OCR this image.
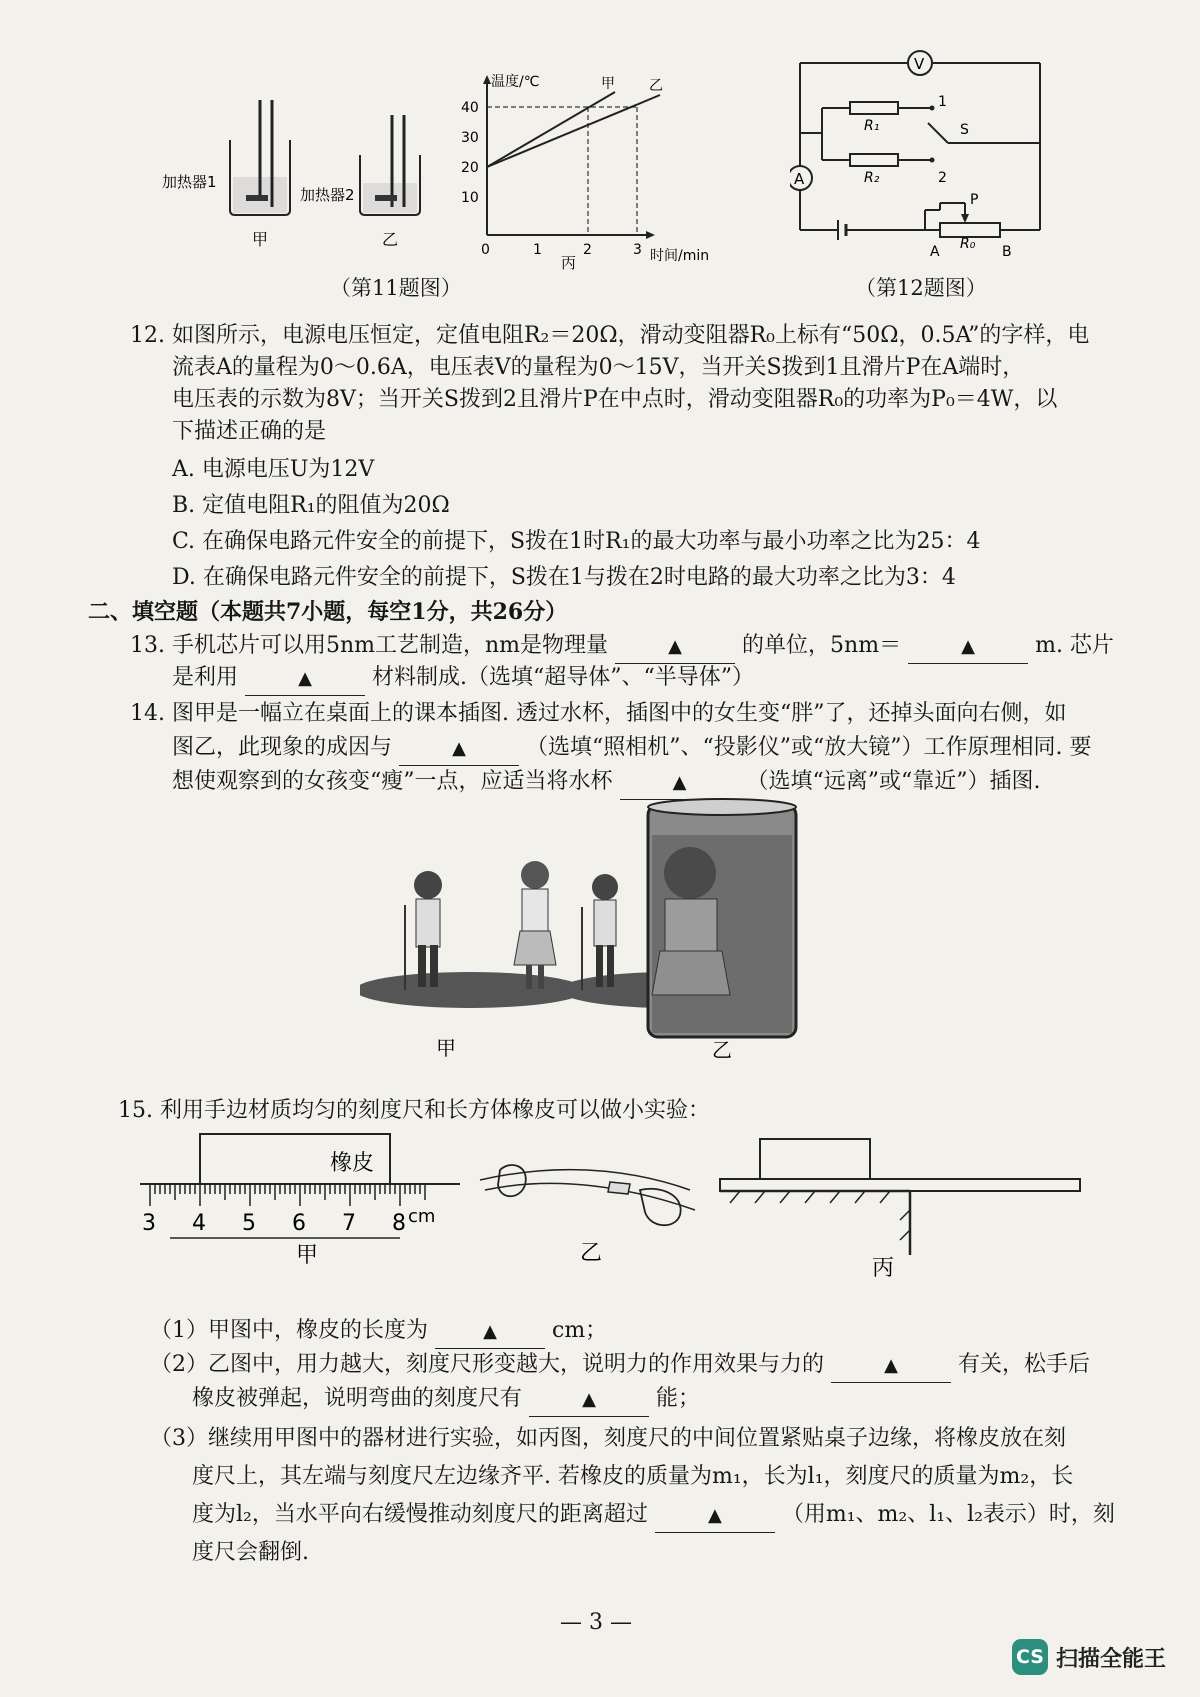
加热器1
甲
加热器2
乙
温度/℃
时间/min
40
30
20
10
0	1	2	3
甲 乙
丙
（第11题图）
V
A
P
A R₀ B
1
R₁
2
R₂
S
（第12题图）
12. 如图所示，电源电压恒定，定值电阻R₂＝20Ω，滑动变阻器R₀上标有“50Ω，0.5A”的字样，电
流表A的量程为0～0.6A，电压表V的量程为0～15V，当开关S拨到1且滑片P在A端时，
电压表的示数为8V；当开关S拨到2且滑片P在中点时，滑动变阻器R₀的功率为P₀＝4W，以
下描述正确的是
A. 电源电压U为12V
B. 定值电阻R₁的阻值为20Ω
C. 在确保电路元件安全的前提下，S拨在1时R₁的最大功率与最小功率之比为25：4
D. 在确保电路元件安全的前提下，S拨在1与拨在2时电路的最大功率之比为3：4
二、填空题（本题共7小题，每空1分，共26分）
13. 手机芯片可以用5nm工艺制造，nm是物理量	▲	的单位，5nm＝	▲	m. 芯片
是利用	▲	材料制成.（选填“超导体”、“半导体”）
14. 图甲是一幅立在桌面上的课本插图. 透过水杯，插图中的女生变“胖”了，还掉头面向右侧，如
图乙，此现象的成因与	▲	（选填“照相机”、“投影仪”或“放大镜”）工作原理相同. 要
想使观察到的女孩变“瘦”一点，应适当将水杯	▲	（选填“远离”或“靠近”）插图.
甲	乙
15. 利用手边材质均匀的刻度尺和长方体橡皮可以做小实验：
橡皮
3 4 5 6 7 8 cm
甲	乙
丙
（1）甲图中，橡皮的长度为	▲	cm；
（2）乙图中，用力越大，刻度尺形变越大，说明力的作用效果与力的	▲	有关，松手后
橡皮被弹起，说明弯曲的刻度尺有	▲	能；
（3）继续用甲图中的器材进行实验，如丙图，刻度尺的中间位置紧贴桌子边缘，将橡皮放在刻
度尺上，其左端与刻度尺左边缘齐平. 若橡皮的质量为m₁，长为l₁，刻度尺的质量为m₂，长
度为l₂，当水平向右缓慢推动刻度尺的距离超过	▲	（用m₁、m₂、l₁、l₂表示）时，刻
度尺会翻倒.
— 3 —
CS 扫描全能王
